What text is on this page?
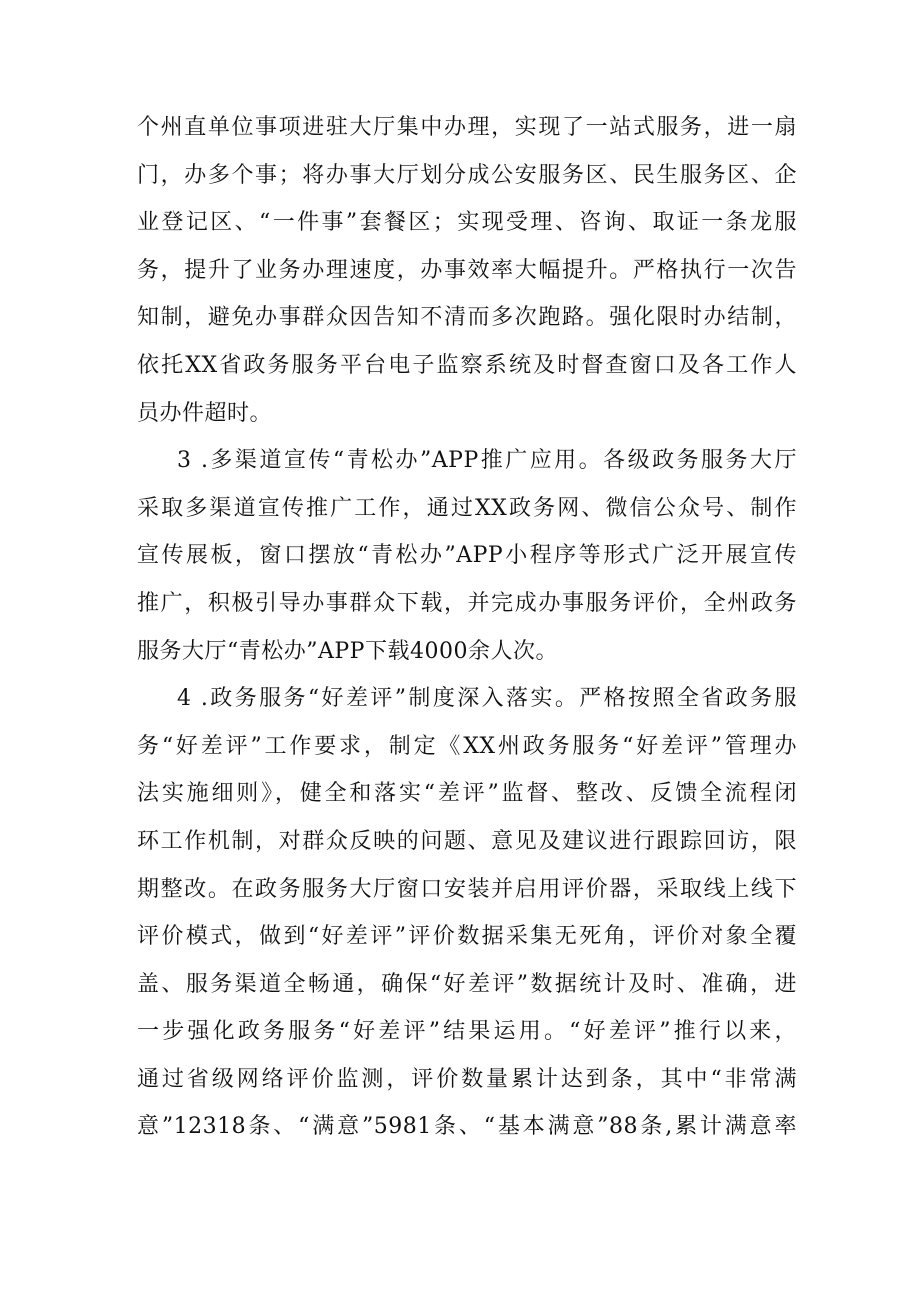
个州直单位事项进驻大厅集中办理，实现了一站式服务，进一扇
门，办多个事；将办事大厅划分成公安服务区、民生服务区、企
业登记区、“一件事”套餐区；实现受理、咨询、取证一条龙服
务，提升了业务办理速度，办事效率大幅提升。严格执行一次告
知制，避免办事群众因告知不清而多次跑路。强化限时办结制，
依托XX省政务服务平台电子监察系统及时督查窗口及各工作人
员办件超时。
3 .多渠道宣传“青松办”APP推广应用。各级政务服务大厅
采取多渠道宣传推广工作，通过XX政务网、微信公众号、制作
宣传展板，窗口摆放“青松办”APP小程序等形式广泛开展宣传
推广，积极引导办事群众下载，并完成办事服务评价，全州政务
服务大厅“青松办”APP下载4000余人次。
4 .政务服务“好差评”制度深入落实。严格按照全省政务服
务“好差评”工作要求，制定《XX州政务服务“好差评”管理办
法实施细则》，健全和落实“差评”监督、整改、反馈全流程闭
环工作机制，对群众反映的问题、意见及建议进行跟踪回访，限
期整改。在政务服务大厅窗口安装并启用评价器，采取线上线下
评价模式，做到“好差评”评价数据采集无死角，评价对象全覆
盖、服务渠道全畅通，确保“好差评”数据统计及时、准确，进
一步强化政务服务“好差评”结果运用。“好差评”推行以来，
通过省级网络评价监测，评价数量累计达到条，其中“非常满
意”12318条、“满意”5981条、“基本满意”88条,累计满意率
